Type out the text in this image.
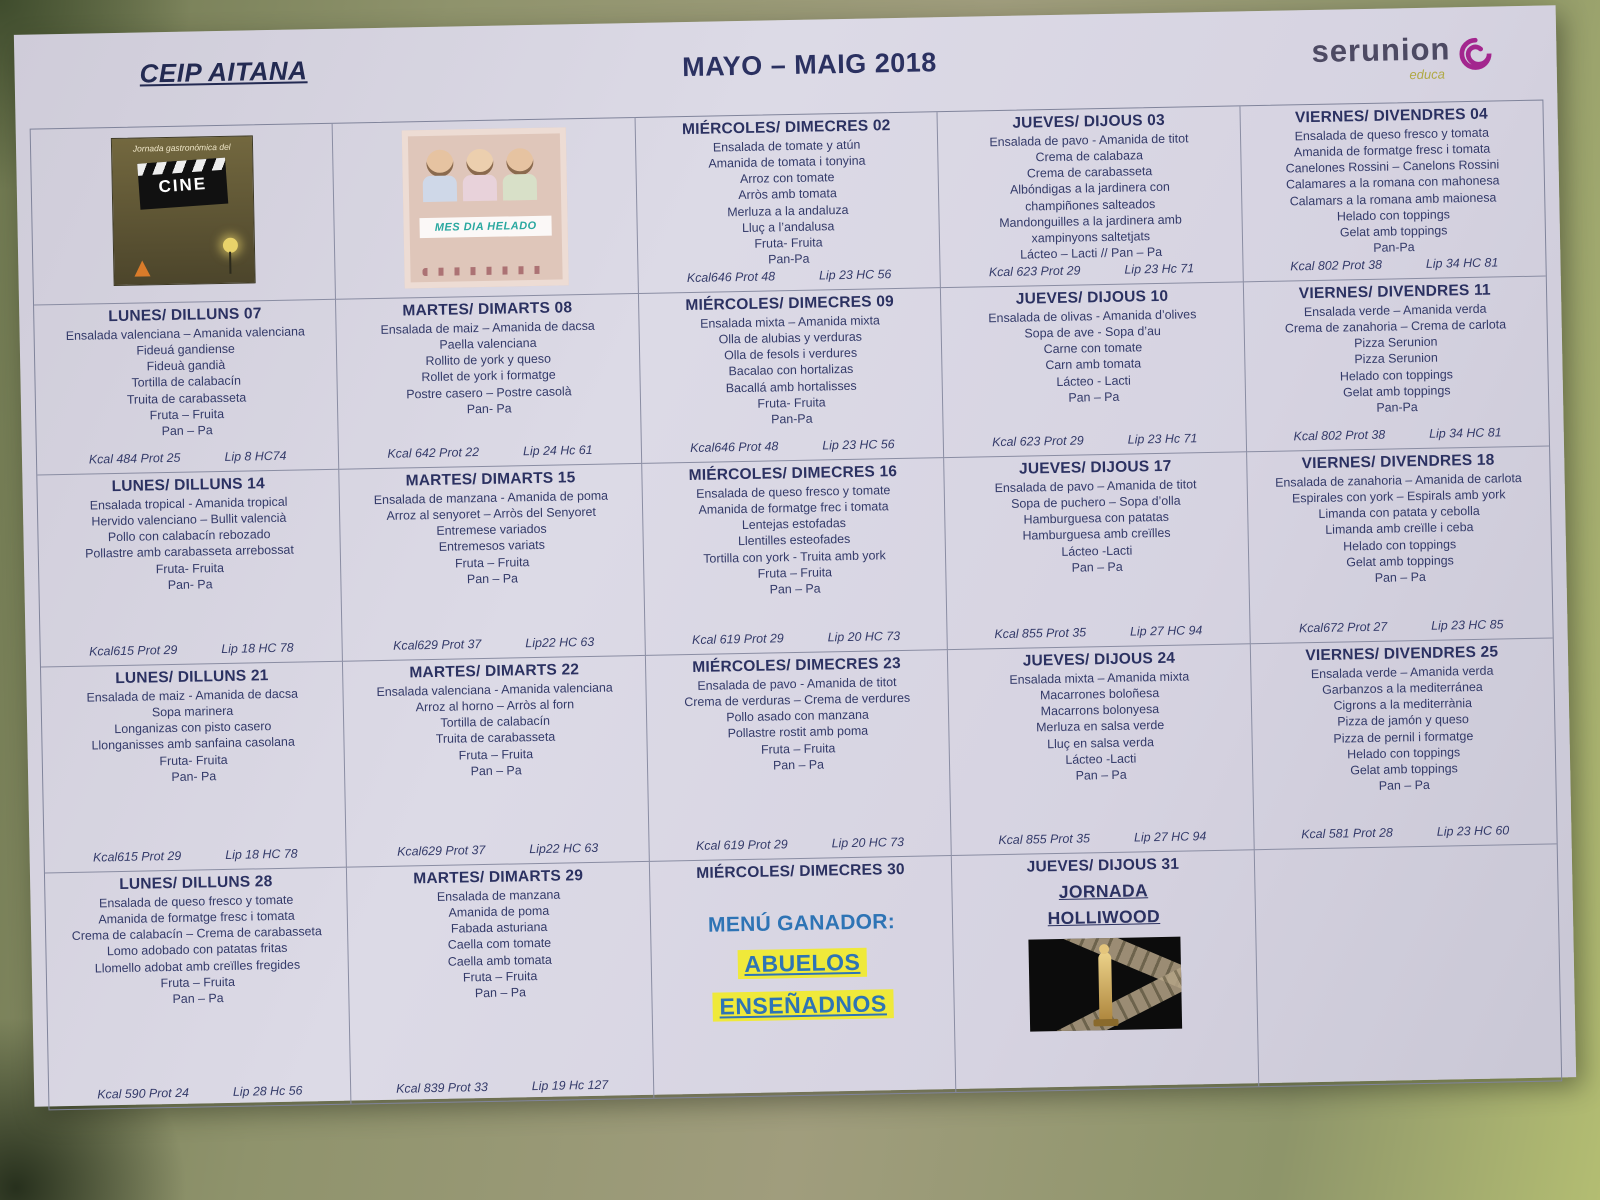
CEIP AITANA	MAYO – MAIG 2018	serunion
educa
Jornada gastronómica del
CINE
MES DIA HELADO
MIÉRCOLES/ DIMECRES 02
Ensalada de tomate y atún
Amanida de tomata i tonyina
Arroz con tomate
Arròs amb tomata
Merluza a la andaluza
Lluç a l’andalusa
Fruta- Fruita
Pan-Pa
Kcal646 Prot 48	Lip 23 HC 56
JUEVES/ DIJOUS 03
Ensalada de pavo - Amanida de titot
Crema de calabaza
Crema de carabasseta
Albóndigas a la jardinera con
champiñones salteados
Mandonguilles a la jardinera amb
xampinyons saltetjats
Lácteo – Lacti // Pan – Pa
Kcal 623 Prot 29	Lip 23 Hc 71
VIERNES/ DIVENDRES 04
Ensalada de queso fresco y tomata
Amanida de formatge fresc i tomata
Canelones Rossini – Canelons Rossini
Calamares a la romana con mahonesa
Calamars a la romana amb maionesa
Helado con toppings
Gelat amb toppings
Pan-Pa
Kcal 802 Prot 38	Lip 34 HC 81
LUNES/ DILLUNS 07
Ensalada valenciana – Amanida valenciana
Fideuá gandiense
Fideuà gandià
Tortilla de calabacín
Truita de carabasseta
Fruta – Fruita
Pan – Pa
Kcal 484 Prot 25	Lip 8 HC74
MARTES/ DIMARTS 08
Ensalada de maiz – Amanida de dacsa
Paella valenciana
Rollito de york y queso
Rollet de york i formatge
Postre casero – Postre casolà
Pan- Pa
Kcal 642 Prot 22	Lip 24 Hc 61
MIÉRCOLES/ DIMECRES 09
Ensalada mixta – Amanida mixta
Olla de alubias y verduras
Olla de fesols i verdures
Bacalao con hortalizas
Bacallá amb hortalisses
Fruta- Fruita
Pan-Pa
Kcal646 Prot 48	Lip 23 HC 56
JUEVES/ DIJOUS 10
Ensalada de olivas - Amanida d’olives
Sopa de ave - Sopa d’au
Carne con tomate
Carn amb tomata
Lácteo - Lacti
Pan – Pa
Kcal 623 Prot 29	Lip 23 Hc 71
VIERNES/ DIVENDRES 11
Ensalada verde – Amanida verda
Crema de zanahoria – Crema de carlota
Pizza Serunion
Pizza Serunion
Helado con toppings
Gelat amb toppings
Pan-Pa
Kcal 802 Prot 38	Lip 34 HC 81
LUNES/ DILLUNS 14
Ensalada tropical - Amanida tropical
Hervido valenciano – Bullit valencià
Pollo con calabacín rebozado
Pollastre amb carabasseta arrebossat
Fruta- Fruita
Pan- Pa
Kcal615 Prot 29	Lip 18 HC 78
MARTES/ DIMARTS 15
Ensalada de manzana - Amanida de poma
Arroz al senyoret – Arròs del Senyoret
Entremese variados
Entremesos variats
Fruta – Fruita
Pan – Pa
Kcal629 Prot 37	Lip22 HC 63
MIÉRCOLES/ DIMECRES 16
Ensalada de queso fresco y tomate
Amanida de formatge frec i tomata
Lentejas estofadas
Llentilles esteofades
Tortilla con york - Truita amb york
Fruta – Fruita
Pan – Pa
Kcal 619 Prot 29	Lip 20 HC 73
JUEVES/ DIJOUS 17
Ensalada de pavo – Amanida de titot
Sopa de puchero – Sopa d’olla
Hamburguesa con patatas
Hamburguesa amb creïlles
Lácteo -Lacti
Pan – Pa
Kcal 855 Prot 35	Lip 27 HC 94
VIERNES/ DIVENDRES 18
Ensalada de zanahoria – Amanida de carlota
Espirales con york – Espirals amb york
Limanda con patata y cebolla
Limanda amb creïlle i ceba
Helado con toppings
Gelat amb toppings
Pan – Pa
Kcal672 Prot 27	Lip 23 HC 85
LUNES/ DILLUNS 21
Ensalada de maiz - Amanida de dacsa
Sopa marinera
Longanizas con pisto casero
Llonganisses amb sanfaina casolana
Fruta- Fruita
Pan- Pa
Kcal615 Prot 29	Lip 18 HC 78
MARTES/ DIMARTS 22
Ensalada valenciana - Amanida valenciana
Arroz al horno – Arròs al forn
Tortilla de calabacín
Truita de carabasseta
Fruta – Fruita
Pan – Pa
Kcal629 Prot 37	Lip22 HC 63
MIÉRCOLES/ DIMECRES 23
Ensalada de pavo - Amanida de titot
Crema de verduras – Crema de verdures
Pollo asado con manzana
Pollastre rostit amb poma
Fruta – Fruita
Pan – Pa
Kcal 619 Prot 29	Lip 20 HC 73
JUEVES/ DIJOUS 24
Ensalada mixta – Amanida mixta
Macarrones boloñesa
Macarrons bolonyesa
Merluza en salsa verde
Lluç en salsa verda
Lácteo -Lacti
Pan – Pa
Kcal 855 Prot 35	Lip 27 HC 94
VIERNES/ DIVENDRES 25
Ensalada verde – Amanida verda
Garbanzos a la mediterránea
Cigrons a la mediterrània
Pizza de jamón y queso
Pizza de pernil i formatge
Helado con toppings
Gelat amb toppings
Pan – Pa
Kcal 581 Prot 28	Lip 23 HC 60
LUNES/ DILLUNS 28
Ensalada de queso fresco y tomate
Amanida de formatge fresc i tomata
Crema de calabacín – Crema de carabasseta
Lomo adobado con patatas fritas
Llomello adobat amb creïlles fregides
Fruta – Fruita
Pan – Pa
Kcal 590 Prot 24	Lip 28 Hc 56
MARTES/ DIMARTS 29
Ensalada de manzana
Amanida de poma
Fabada asturiana
Caella com tomate
Caella amb tomata
Fruta – Fruita
Pan – Pa
Kcal 839 Prot 33	Lip 19 Hc 127
MIÉRCOLES/ DIMECRES 30
MENÚ GANADOR:
ABUELOS
ENSEÑADNOS
JUEVES/ DIJOUS 31
JORNADA
HOLLIWOOD
